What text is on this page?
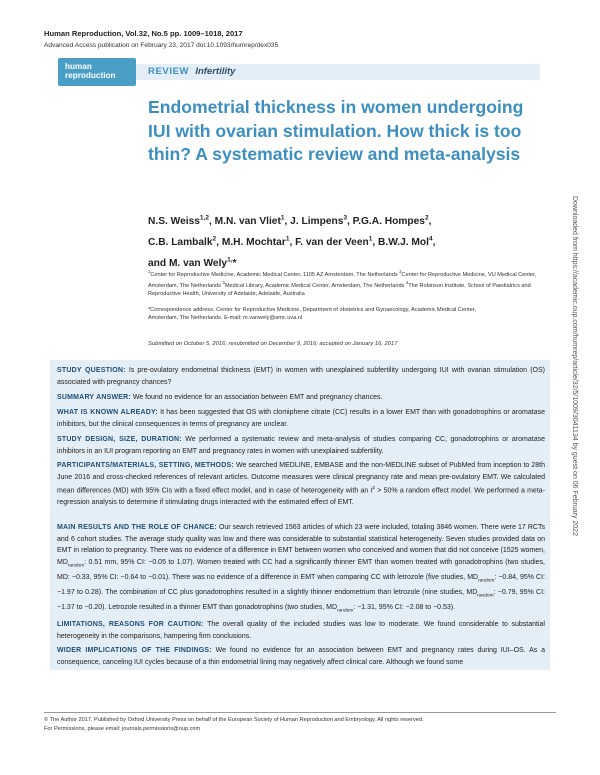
Human Reproduction, Vol.32, No.5 pp. 1009–1018, 2017
Advanced Access publication on February 23, 2017 doi:10.1093/humrep/dex035
human
reproduction	REVIEW Infertility
Endometrial thickness in women undergoing IUI with ovarian stimulation. How thick is too thin? A systematic review and meta-analysis
N.S. Weiss$^{1,2}$, M.N. van Vliet$^1$, J. Limpens$^3$, P.G.A. Hompes$^2$,
C.B. Lambalk$^2$, M.H. Mochtar$^1$, F. van der Veen$^1$, B.W.J. Mol$^4$,
and M. van Wely$^{1,}$*
$^1$Center for Reproductive Medicine, Academic Medical Center, 1105 AZ Amsterdam, The Netherlands $^2$Center for Reproductive Medicine, VU Medical Center, Amsterdam, The Netherlands $^3$Medical Library, Academic Medical Center, Amsterdam, The Netherlands $^4$The Robinson Institute, School of Paediatrics and Reproductive Health, University of Adelaide, Adelaide, Australia
*Correspondence address. Center for Reproductive Medicine, Department of obstetrics and Gynaecology, Academic Medical Center, Amsterdam, The Netherlands. E-mail: m.vanwely@amc.uva.nl
Submitted on October 5, 2016; resubmitted on December 9, 2016; accepted on January 16, 2017

STUDY QUESTION: Is pre-ovulatory endometrial thickness (EMT) in women with unexplained subfertility undergoing IUI with ovarian stimulation (OS) associated with pregnancy chances?

SUMMARY ANSWER: We found no evidence for an association between EMT and pregnancy chances.

WHAT IS KNOWN ALREADY: It has been suggested that OS with clomiphene citrate (CC) results in a lower EMT than with gonadotrophins or aromatase inhibitors, but the clinical consequences in terms of pregnancy are unclear.

STUDY DESIGN, SIZE, DURATION: We performed a systematic review and meta-analysis of studies comparing CC, gonadotrophins or aromatase inhibitors in an IUI program reporting on EMT and pregnancy rates in women with unexplained subfertility.

PARTICIPANTS/MATERIALS, SETTING, METHODS: We searched MEDLINE, EMBASE and the non-MEDLINE subset of PubMed from inception to 28th June 2016 and cross-checked references of relevant articles. Outcome measures were clinical pregnancy rate and mean pre-ovulatory EMT. We calculated mean differences (MD) with 95% CIs with a fixed effect model, and in case of heterogeneity with an $I^2 > 50\%$ a random effect model. We performed a meta-regression analysis to determine if stimulating drugs interacted with the estimated effect of EMT.

MAIN RESULTS AND THE ROLE OF CHANCE: Our search retrieved 1563 articles of which 23 were included, totaling 3846 women. There were 17 RCTs and 6 cohort studies. The average study quality was low and there was considerable to substantial statistical heterogeneity. Seven studies provided data on EMT in relation to pregnancy. There was no evidence of a difference in EMT between women who conceived and women that did not conceive (1525 women, $MD_{random}$: 0.51 mm, 95% CI: −0.05 to 1.07). Women treated with CC had a significantly thinner EMT than women treated with gonadotrophins (two studies, MD: −0.33, 95% CI: −0.64 to −0.01). There was no evidence of a difference in EMT when comparing CC with letrozole (five studies, $MD_{random}$: −0.84, 95% CI: −1.97 to 0.28). The combination of CC plus gonadotrophins resulted in a slightly thinner endometrium than letrozole (nine studies, $MD_{random}$: −0.79, 95% CI: −1.37 to −0.20). Letrozole resulted in a thinner EMT than gonadotrophins (two studies, $MD_{random}$: −1.31, 95% CI: −2.08 to −0.53).

LIMITATIONS, REASONS FOR CAUTION: The overall quality of the included studies was low to moderate. We found considerable to substantial heterogeneity in the comparisons, hampering firm conclusions.

WIDER IMPLICATIONS OF THE FINDINGS: We found no evidence for an association between EMT and pregnancy rates during IUI–OS. As a consequence, canceling IUI cycles because of a thin endometrial lining may negatively affect clinical care. Although we found some

© The Author 2017. Published by Oxford University Press on behalf of the European Society of Human Reproduction and Embryology. All rights reserved.
For Permissions, please email: journals.permissions@oup.com
Downloaded from https://academic.oup.com/humrep/article/32/5/1009/3041134 by guest on 06 February 2022
